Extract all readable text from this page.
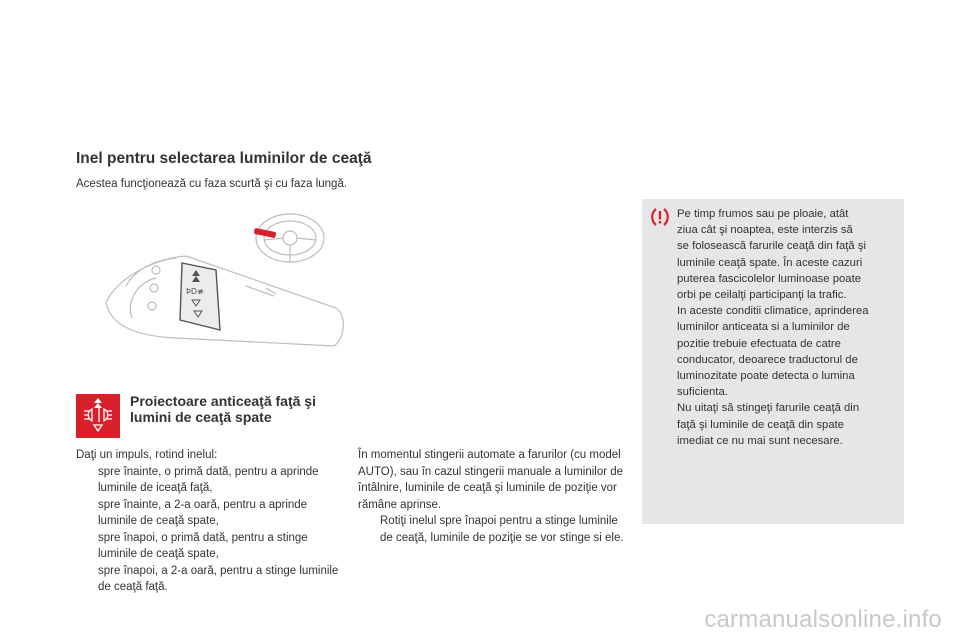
Inel pentru selectarea luminilor de ceaţă
Acestea funcţionează cu faza scurtă şi cu faza lungă.
ÞD≢
Proiectoare anticeaţă faţă şi lumini de ceaţă spate
Daţi un impuls, rotind inelul:
spre înainte, o primă dată, pentru a aprinde luminile de iceaţă faţă,
spre înainte, a 2-a oară, pentru a aprinde luminile de ceaţă spate,
spre înapoi, o primă dată, pentru a stinge luminile de ceaţă spate,
spre înapoi, a 2-a oară, pentru a stinge luminile de ceaţă faţă.
În momentul stingerii automate a farurilor (cu model AUTO), sau în cazul stingerii manuale a luminilor de întâlnire, luminile de ceaţă şi luminile de poziţie vor rămâne aprinse.
Rotiţi inelul spre înapoi pentru a stinge luminile de ceaţă, luminile de poziţie se vor stinge si ele.
Pe timp frumos sau pe ploaie, atât
ziua cât şi noaptea, este interzis să
se folosească farurile ceaţă din faţă şi
luminile ceaţă spate. În aceste cazuri
puterea fascicolelor luminoase poate
orbi pe ceilalţi participanţi la trafic.
In aceste conditii climatice, aprinderea
luminilor anticeata si a luminilor de
pozitie trebuie efectuata de catre
conducator, deoarece traductorul de
luminozitate poate detecta o lumina
suficienta.
Nu uitaţi să stingeţi farurile ceaţă din
faţă şi luminile de ceaţă din spate
imediat ce nu mai sunt necesare.
carmanualsonline.info
